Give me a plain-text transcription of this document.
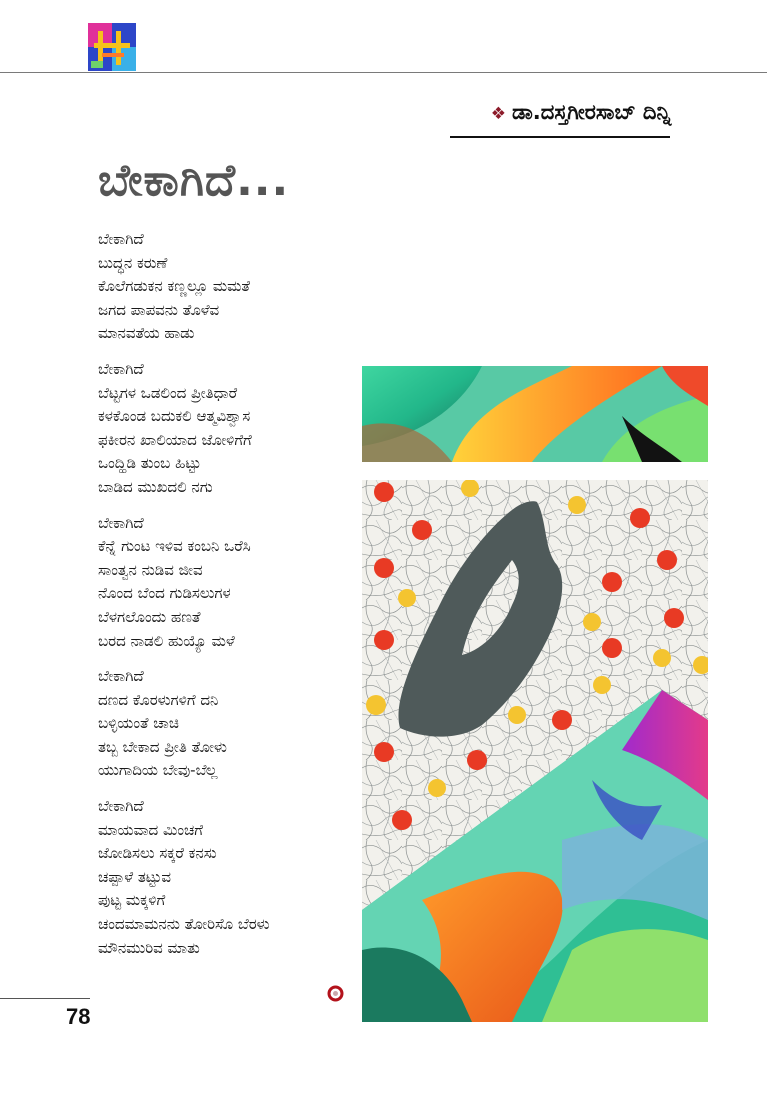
❖ ಡಾ.ದಸ್ತಗೀರಸಾಬ್ ದಿನ್ನಿ
ಬೇಕಾಗಿದೆ...
ಬೇಕಾಗಿದೆ
ಬುದ್ಧನ ಕರುಣೆ
ಕೊಲೆಗಡುಕನ ಕಣ್ಣಲ್ಲೂ ಮಮತೆ
ಜಗದ ಪಾಪವನು ತೊಳೆವ
ಮಾನವತೆಯ ಹಾಡು
ಬೇಕಾಗಿದೆ
ಬೆಟ್ಟಗಳ ಒಡಲಿಂದ ಪ್ರೀತಿಧಾರೆ
ಕಳಕೊಂಡ ಬದುಕಲಿ ಆತ್ಮವಿಶ್ವಾಸ
ಫಕೀರನ ಖಾಲಿಯಾದ ಜೋಳಿಗೆಗೆ
ಒಂದ್ಹಿಡಿ ತುಂಬ ಹಿಟ್ಟು
ಬಾಡಿದ ಮುಖದಲಿ ನಗು
ಬೇಕಾಗಿದೆ
ಕೆನ್ನೆ ಗುಂಟ ಇಳಿವ ಕಂಬನಿ ಒರೆಸಿ
ಸಾಂತ್ವನ ನುಡಿವ ಜೀವ
ನೊಂದ ಬೆಂದ ಗುಡಿಸಲುಗಳ
ಬೆಳಗಲೊಂದು ಹಣತೆ
ಬರದ ನಾಡಲಿ ಹುಯ್ಯೊ ಮಳೆ
ಬೇಕಾಗಿದೆ
ದಣದ ಕೊರಳುಗಳಿಗೆ ದನಿ
ಬಳ್ಳಿಯಂತೆ ಚಾಚಿ
ತಬ್ಬ ಬೇಕಾದ ಪ್ರೀತಿ ತೋಳು
ಯುಗಾದಿಯ ಬೇವು-ಬೆಲ್ಲ
ಬೇಕಾಗಿದೆ
ಮಾಯವಾದ ಮಿಂಚಗೆ
ಜೋಡಿಸಲು ಸಕ್ಕರೆ ಕನಸು
ಚಪ್ಪಾಳೆ ತಟ್ಟುವ
ಪುಟ್ಟ ಮಕ್ಕಳಿಗೆ
ಚಂದಮಾಮನನು ತೋರಿಸೊ ಬೆರಳು
ಮೌನಮುರಿವ ಮಾತು
78
